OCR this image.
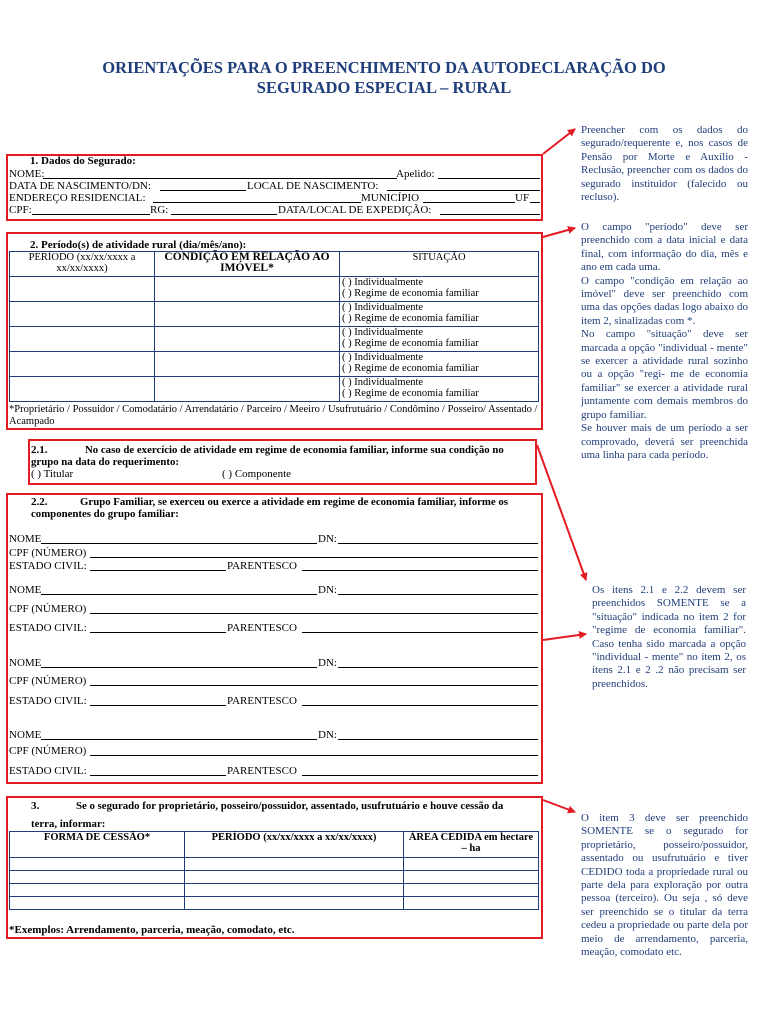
ORIENTAÇÕES PARA O PREENCHIMENTO DA AUTODECLARAÇÃO DO
SEGURADO ESPECIAL – RURAL
1. Dados do Segurado:
NOME:	Apelido:
DATA DE NASCIMENTO/DN:	LOCAL DE NASCIMENTO:
ENDEREÇO RESIDENCIAL:	MUNICÍPIO	UF
CPF:	RG:	DATA/LOCAL DE EXPEDIÇÃO:
2. Período(s) de atividade rural (dia/mês/ano):
PERÍODO (xx/xx/xxxx a xx/xx/xxxx)	CONDIÇÃO EM RELAÇÃO AO IMÓVEL*	SITUAÇÃO

		( ) Individualmente
( ) Regime de economia familiar

		( ) Individualmente
( ) Regime de economia familiar

		( ) Individualmente
( ) Regime de economia familiar

		( ) Individualmente
( ) Regime de economia familiar

		( ) Individualmente
( ) Regime de economia familiar
*Proprietário / Possuidor / Comodatário / Arrendatário / Parceiro / Meeiro / Usufrutuário / Condômino / Posseiro/ Assentado / Acampado
2.1.	No caso de exercício de atividade em regime de economia familiar, informe sua condição no
grupo na data do requerimento:
( ) Titular	( ) Componente
2.2.	Grupo Familiar, se exerceu ou exerce a atividade em regime de economia familiar, informe os
componentes do grupo familiar:
NOME	DN:
CPF (NÚMERO)
ESTADO CIVIL:	PARENTESCO
NOME	DN:
CPF (NÚMERO)
ESTADO CIVIL:	PARENTESCO
NOME	DN:
CPF (NÚMERO)
ESTADO CIVIL:	PARENTESCO
NOME	DN:
CPF (NÚMERO)
ESTADO CIVIL:	PARENTESCO
3.	Se o segurado for proprietário, posseiro/possuidor, assentado, usufrutuário e houve cessão da
terra, informar:
FORMA DE CESSÃO*	PERÍODO (xx/xx/xxxx a xx/xx/xxxx)	ÁREA CEDIDA em hectare – ha

*Exemplos: Arrendamento, parceria, meação, comodato, etc.
Preencher com os dados do segurado/requerente e, nos casos de Pensão por Morte e Auxílio - Reclusão, preencher com os dados do segurado instituidor (falecido ou recluso).

O campo "período" deve ser preenchido com a data inicial e data final, com informação do dia, mês e ano em cada uma.

O campo "condição em relação ao imóvel" deve ser preenchido com uma das opções dadas logo abaixo do item 2, sinalizadas com *.

No campo "situação" deve ser marcada a opção "individual - mente" se exercer a atividade rural sozinho ou a opção "regi- me de economia familiar" se exercer a atividade rural juntamente com demais membros do grupo familiar.

Se houver mais de um período a ser comprovado, deverá ser preenchida uma linha para cada período.

Os itens 2.1 e 2.2 devem ser preenchidos SOMENTE se a "situação" indicada no item 2 for "regime de economia familiar". Caso tenha sido marcada a opção "individual - mente" no item 2, os itens 2.1 e 2 .2 não precisam ser preenchidos.
O item 3 deve ser preenchido SOMENTE se o segurado for proprietário, posseiro/possuidor, assentado ou usufrutuário e tiver CEDIDO toda a propriedade rural ou parte dela para exploração por outra pessoa (terceiro). Ou seja , só deve ser preenchido se o titular da terra cedeu a propriedade ou parte dela por meio de arrendamento, parceria, meação, comodato etc.
